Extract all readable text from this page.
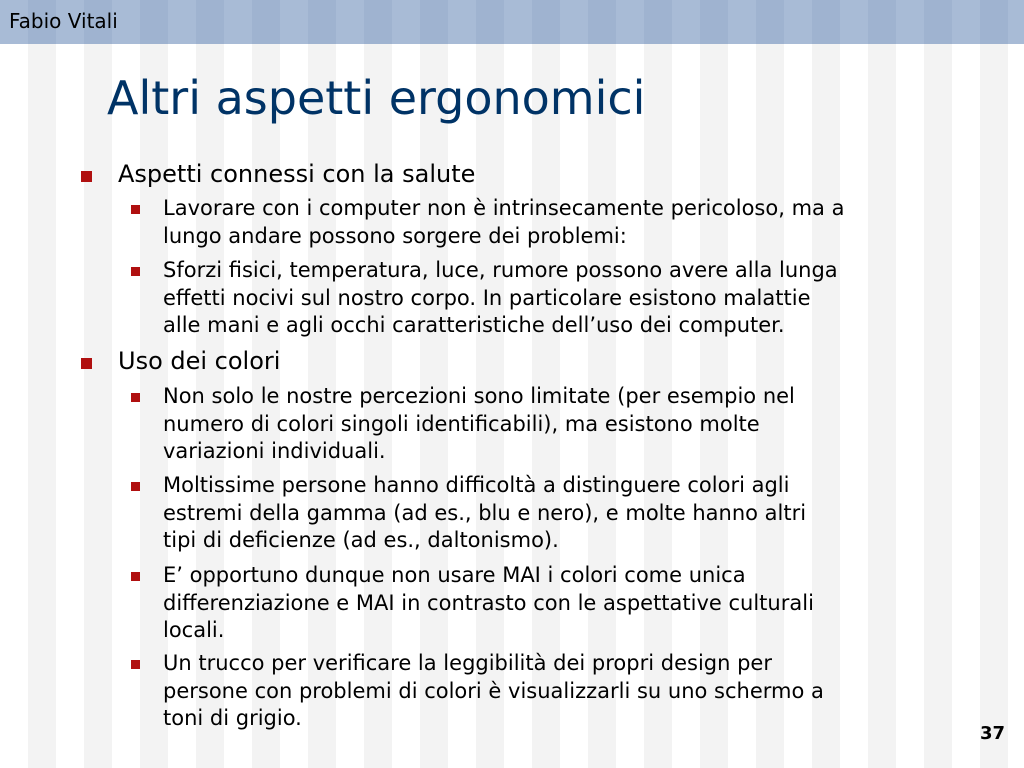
Fabio Vitali
Altri aspetti ergonomici
Aspetti connessi con la salute
Lavorare con i computer non è intrinsecamente pericoloso, ma a
lungo andare possono sorgere dei problemi:
Sforzi fisici, temperatura, luce, rumore possono avere alla lunga
effetti nocivi sul nostro corpo. In particolare esistono malattie
alle mani e agli occhi caratteristiche dell’uso dei computer.
Uso dei colori
Non solo le nostre percezioni sono limitate (per esempio nel
numero di colori singoli identificabili), ma esistono molte
variazioni individuali.
Moltissime persone hanno difficoltà a distinguere colori agli
estremi della gamma (ad es., blu e nero), e molte hanno altri
tipi di deficienze (ad es., daltonismo).
E’ opportuno dunque non usare MAI i colori come unica
differenziazione e MAI in contrasto con le aspettative culturali
locali.
Un trucco per verificare la leggibilità dei propri design per
persone con problemi di colori è visualizzarli su uno schermo a
toni di grigio.
37
